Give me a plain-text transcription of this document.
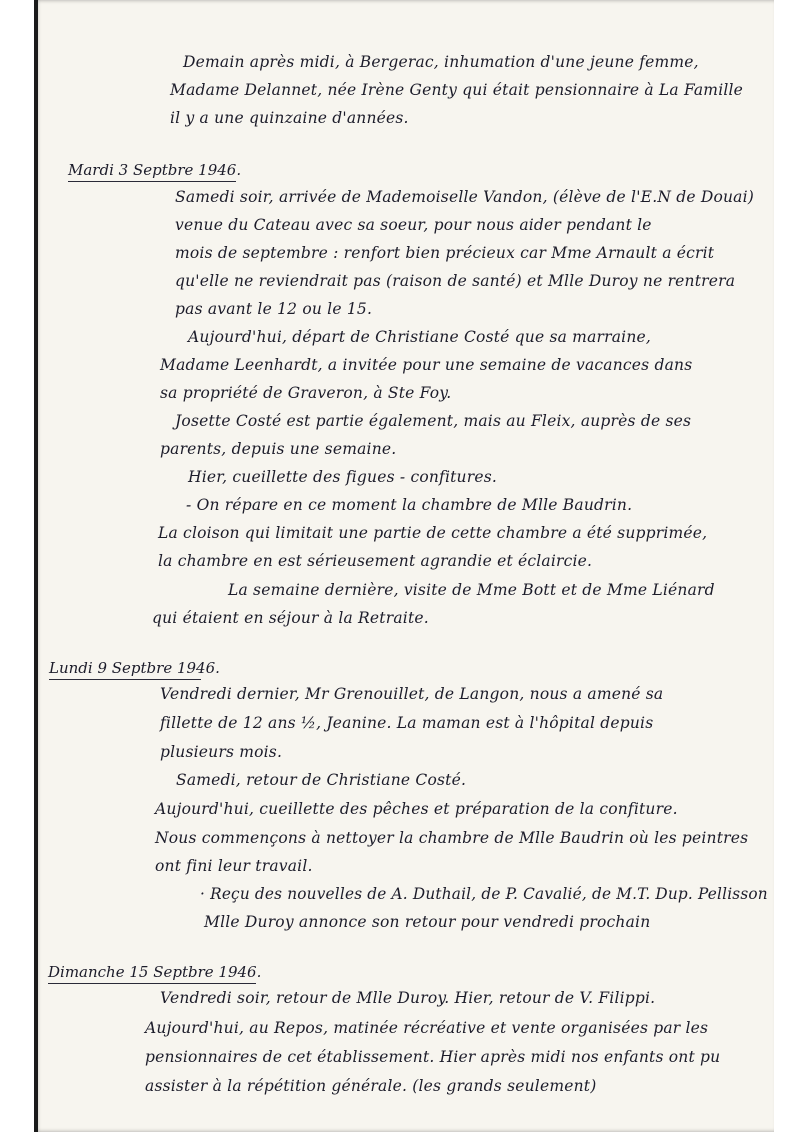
Demain après midi, à Bergerac, inhumation d'une jeune femme,
Madame Delannet, née Irène Genty qui était pensionnaire à La Famille
il y a une quinzaine d'années.
Mardi 3 Septbre 1946.
Samedi soir, arrivée de Mademoiselle Vandon, (élève de l'E.N de Douai)
venue du Cateau avec sa soeur, pour nous aider pendant le
mois de septembre : renfort bien précieux car Mme Arnault a écrit
qu'elle ne reviendrait pas (raison de santé) et Mlle Duroy ne rentrera
pas avant le 12 ou le 15.
Aujourd'hui, départ de Christiane Costé que sa marraine,
Madame Leenhardt, a invitée pour une semaine de vacances dans
sa propriété de Graveron, à Ste Foy.
Josette Costé est partie également, mais au Fleix, auprès de ses
parents, depuis une semaine.
Hier, cueillette des figues - confitures.
- On répare en ce moment la chambre de Mlle Baudrin.
La cloison qui limitait une partie de cette chambre a été supprimée,
la chambre en est sérieusement agrandie et éclaircie.
La semaine dernière, visite de Mme Bott et de Mme Liénard
qui étaient en séjour à la Retraite.
Lundi 9 Septbre 1946.
Vendredi dernier, Mr Grenouillet, de Langon, nous a amené sa
fillette de 12 ans ½, Jeanine. La maman est à l'hôpital depuis
plusieurs mois.
Samedi, retour de Christiane Costé.
Aujourd'hui, cueillette des pêches et préparation de la confiture.
Nous commençons à nettoyer la chambre de Mlle Baudrin où les peintres
ont fini leur travail.
· Reçu des nouvelles de A. Duthail, de P. Cavalié, de M.T. Dup. Pellisson
Mlle Duroy annonce son retour pour vendredi prochain
Dimanche 15 Septbre 1946.
Vendredi soir, retour de Mlle Duroy. Hier, retour de V. Filippi.
Aujourd'hui, au Repos, matinée récréative et vente organisées par les
pensionnaires de cet établissement. Hier après midi nos enfants ont pu
assister à la répétition générale. (les grands seulement)
